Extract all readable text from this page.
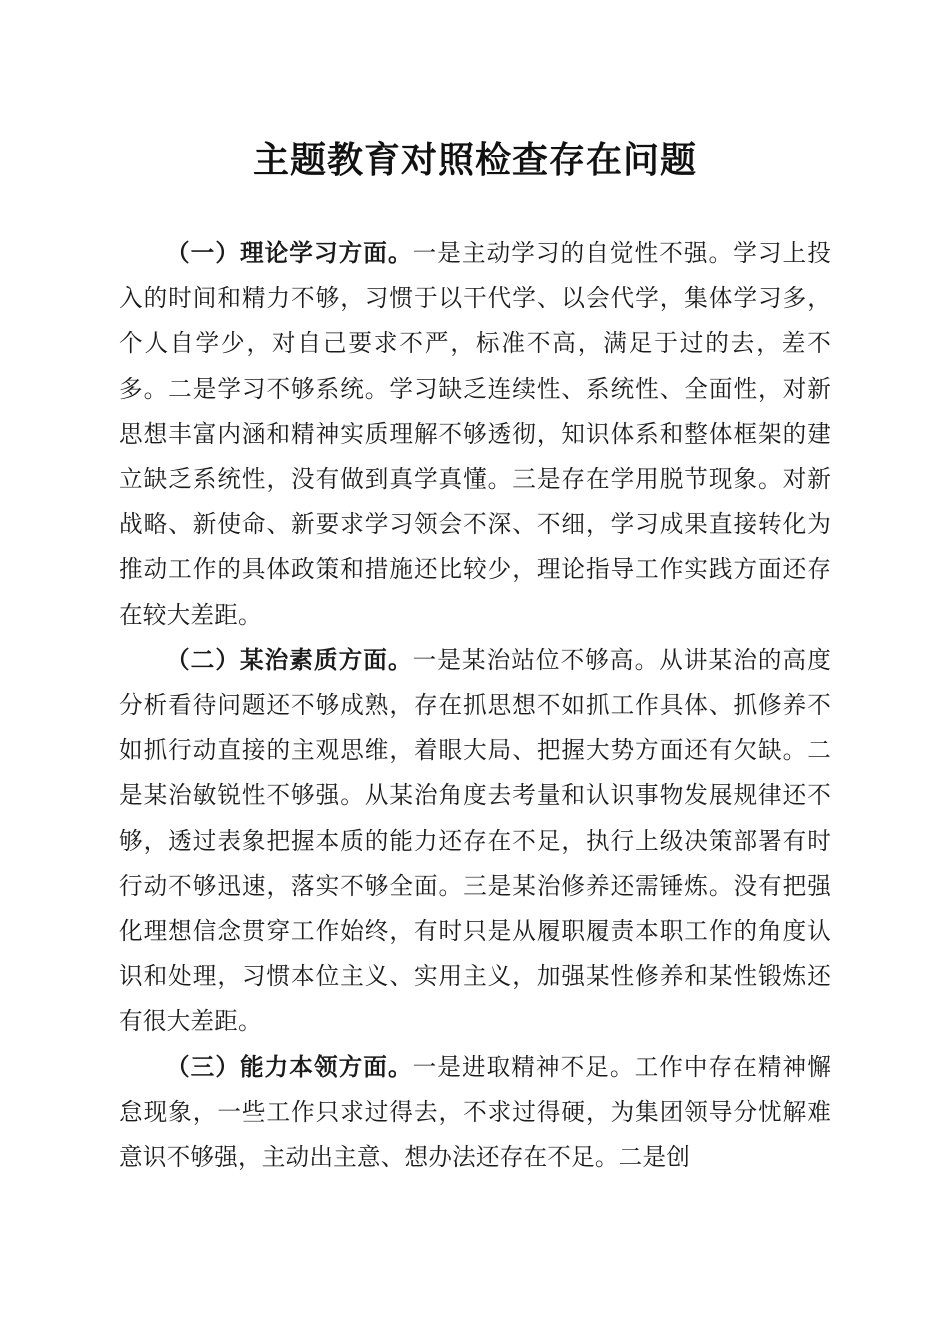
主题教育对照检查存在问题

（一）理论学习方面。一是主动学习的自觉性不强。学习上投入的时间和精力不够，习惯于以干代学、以会代学，集体学习多，个人自学少，对自己要求不严，标准不高，满足于过的去，差不多。二是学习不够系统。学习缺乏连续性、系统性、全面性，对新思想丰富内涵和精神实质理解不够透彻，知识体系和整体框架的建立缺乏系统性，没有做到真学真懂。三是存在学用脱节现象。对新战略、新使命、新要求学习领会不深、不细，学习成果直接转化为推动工作的具体政策和措施还比较少，理论指导工作实践方面还存在较大差距。

（二）某治素质方面。一是某治站位不够高。从讲某治的高度分析看待问题还不够成熟，存在抓思想不如抓工作具体、抓修养不如抓行动直接的主观思维，着眼大局、把握大势方面还有欠缺。二是某治敏锐性不够强。从某治角度去考量和认识事物发展规律还不够，透过表象把握本质的能力还存在不足，执行上级决策部署有时行动不够迅速，落实不够全面。三是某治修养还需锤炼。没有把强化理想信念贯穿工作始终，有时只是从履职履责本职工作的角度认识和处理，习惯本位主义、实用主义，加强某性修养和某性锻炼还有很大差距。

（三）能力本领方面。一是进取精神不足。工作中存在精神懈怠现象，一些工作只求过得去，不求过得硬，为集团领导分忧解难意识不够强，主动出主意、想办法还存在不足。二是创
